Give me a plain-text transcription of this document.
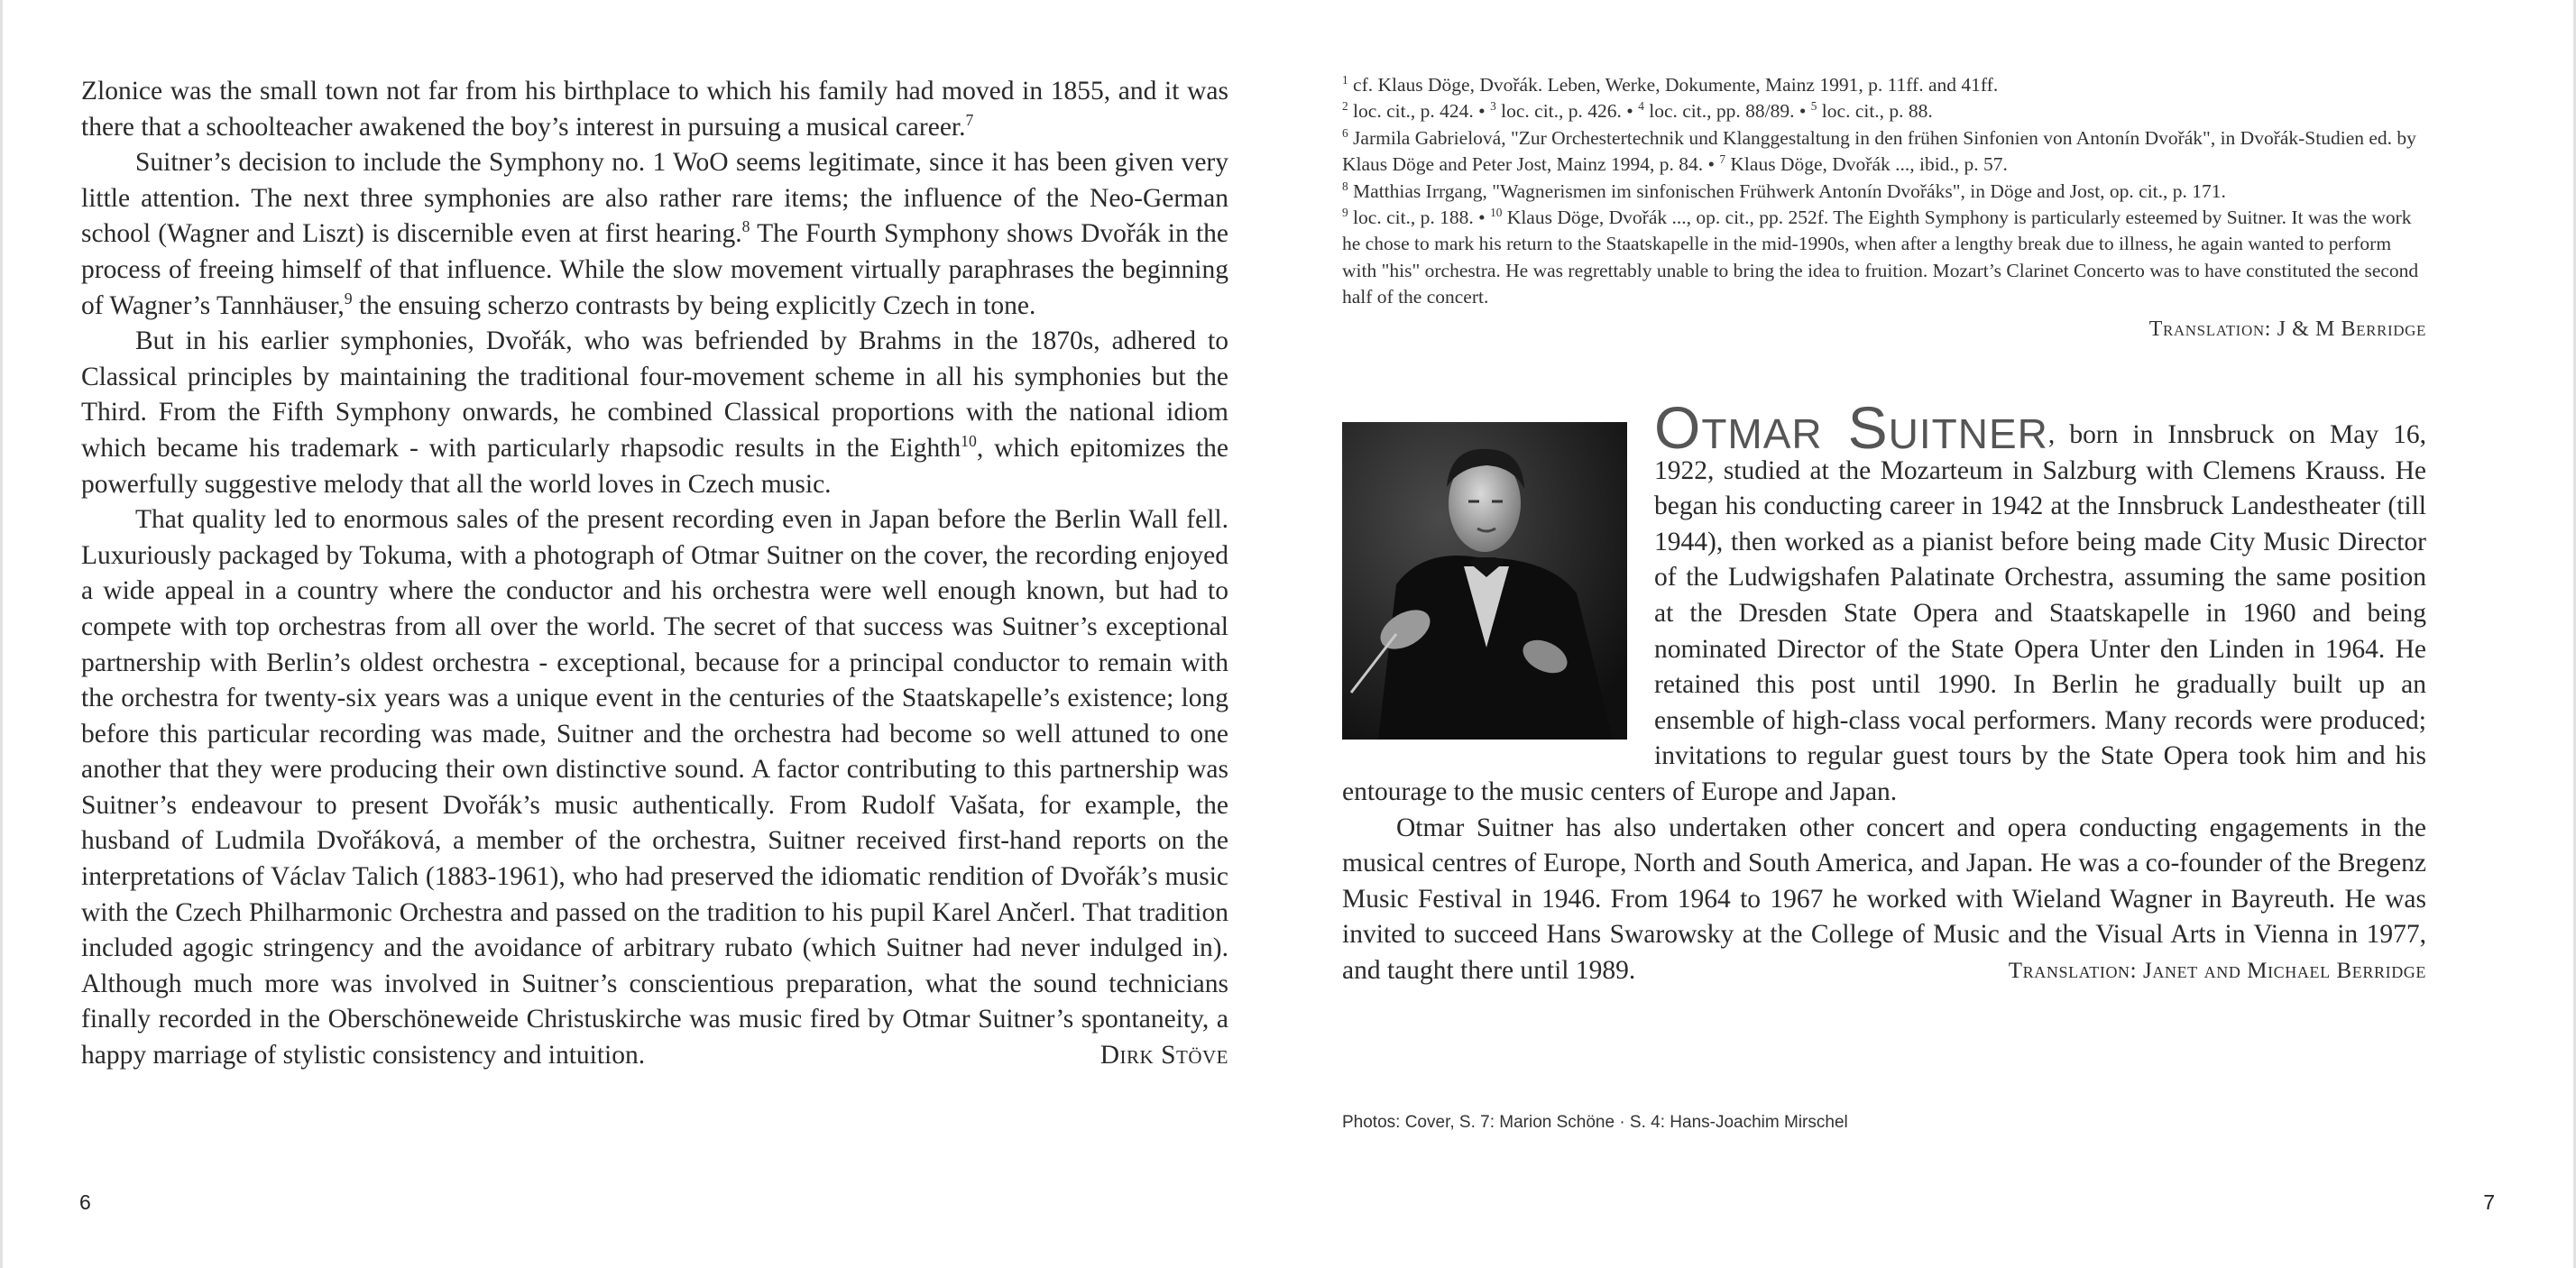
Zlonice was the small town not far from his birthplace to which his family had moved in 1855, and it was there that a schoolteacher awakened the boy’s interest in pursuing a musical career.$^7$

Suitner’s decision to include the Symphony no. 1 WoO seems legitimate, since it has been given very little attention. The next three symphonies are also rather rare items; the influence of the Neo-German school (Wagner and Liszt) is discernible even at first hearing.$^8$ The Fourth Symphony shows Dvořák in the process of freeing himself of that influence. While the slow movement virtually paraphrases the beginning of Wagner’s Tannhäuser,$^9$ the ensuing scherzo contrasts by being explicitly Czech in tone.

But in his earlier symphonies, Dvořák, who was befriended by Brahms in the 1870s, adhered to Classical principles by maintaining the traditional four-movement scheme in all his symphonies but the Third. From the Fifth Symphony onwards, he combined Classical proportions with the national idiom which became his trademark - with particularly rhapsodic results in the Eighth$^{10}$, which epitomizes the powerfully suggestive melody that all the world loves in Czech music.

That quality led to enormous sales of the present recording even in Japan before the Berlin Wall fell. Luxuriously packaged by Tokuma, with a photograph of Otmar Suitner on the cover, the recording enjoyed a wide appeal in a country where the conductor and his orchestra were well enough known, but had to compete with top orchestras from all over the world. The secret of that success was Suitner’s exceptional partnership with Berlin’s oldest orchestra - exceptional, because for a principal conductor to remain with the orchestra for twenty-six years was a unique event in the centuries of the Staatskapelle’s existence; long before this particular recording was made, Suitner and the orchestra had become so well attuned to one another that they were producing their own distinctive sound. A factor contributing to this partnership was Suitner’s endeavour to present Dvořák’s music authentically. From Rudolf Vašata, for example, the husband of Ludmila Dvořáková, a member of the orchestra, Suitner received first-hand reports on the interpretations of Václav Talich (1883-1961), who had preserved the idiomatic rendition of Dvořák’s music with the Czech Philharmonic Orchestra and passed on the tradition to his pupil Karel Ančerl. That tradition included agogic stringency and the avoidance of arbitrary rubato (which Suitner had never indulged in). Although much more was involved in Suitner’s conscientious preparation, what the sound technicians finally recorded in the Oberschöneweide Christuskirche was music fired by Otmar Suitner’s spontaneity, a happy marriage of stylistic consistency and intuition.	Dirk Stöve

6

$^1$ cf. Klaus Döge, Dvořák. Leben, Werke, Dokumente, Mainz 1991, p. 11ff. and 41ff.

$^2$ loc. cit., p. 424. • $^3$ loc. cit., p. 426. • $^4$ loc. cit., pp. 88/89. • $^5$ loc. cit., p. 88.

$^6$ Jarmila Gabrielová, "Zur Orchestertechnik und Klanggestaltung in den frühen Sinfonien von Antonín Dvořák", in Dvořák-Studien ed. by Klaus Döge and Peter Jost, Mainz 1994, p. 84. • $^7$ Klaus Döge, Dvořák ..., ibid., p. 57.

$^8$ Matthias Irrgang, "Wagnerismen im sinfonischen Frühwerk Antonín Dvořáks", in Döge and Jost, op. cit., p. 171.

$^9$ loc. cit., p. 188. • $^{10}$ Klaus Döge, Dvořák ..., op. cit., pp. 252f. The Eighth Symphony is particularly esteemed by Suitner. It was the work he chose to mark his return to the Staatskapelle in the mid-1990s, when after a lengthy break due to illness, he again wanted to perform with "his" orchestra. He was regrettably unable to bring the idea to fruition. Mozart’s Clarinet Concerto was to have constituted the second half of the concert.

Translation: J & M Berridge

Otmar Suitner, born in Innsbruck on May 16, 1922, studied at the Mozarteum in Salzburg with Clemens Krauss. He began his conducting career in 1942 at the Innsbruck Landestheater (till 1944), then worked as a pianist before being made City Music Director of the Ludwigshafen Palatinate Orchestra, assuming the same position at the Dresden State Opera and Staatskapelle in 1960 and being nominated Director of the State Opera Unter den Linden in 1964. He retained this post until 1990. In Berlin he gradually built up an ensemble of high-class vocal performers. Many records were produced; invitations to regular guest tours by the State Opera took him and his entourage to the music centers of Europe and Japan.

Otmar Suitner has also undertaken other concert and opera conducting engagements in the musical centres of Europe, North and South America, and Japan. He was a co-founder of the Bregenz Music Festival in 1946. From 1964 to 1967 he worked with Wieland Wagner in Bayreuth. He was invited to succeed Hans Swarowsky at the College of Music and the Visual Arts in Vienna in 1977, and taught there until 1989.	Translation: Janet and Michael Berridge

Photos: Cover, S. 7: Marion Schöne · S. 4: Hans-Joachim Mirschel
7
